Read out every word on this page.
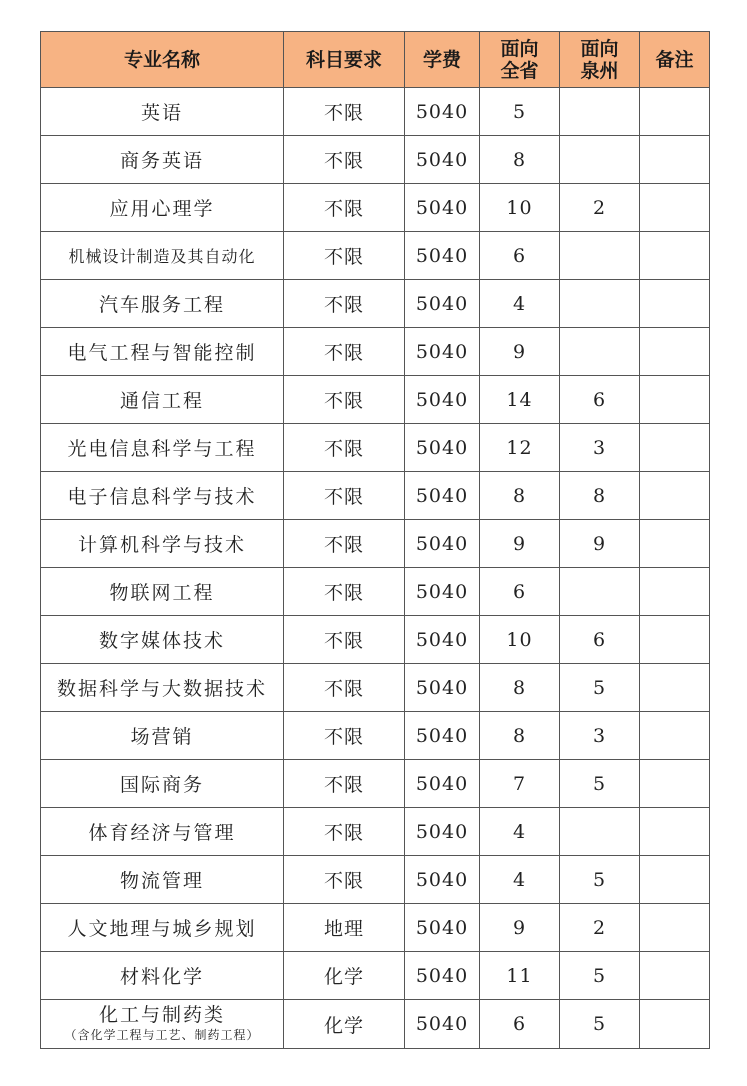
专业名称	科目要求	学费	面向全省	面向泉州	备注
英语	不限	5040	5		
商务英语	不限	5040	8		
应用心理学	不限	5040	10	2	
机械设计制造及其自动化	不限	5040	6		
汽车服务工程	不限	5040	4		
电气工程与智能控制	不限	5040	9		
通信工程	不限	5040	14	6	
光电信息科学与工程	不限	5040	12	3	
电子信息科学与技术	不限	5040	8	8	
计算机科学与技术	不限	5040	9	9	
物联网工程	不限	5040	6		
数字媒体技术	不限	5040	10	6	
数据科学与大数据技术	不限	5040	8	5	
场营销	不限	5040	8	3	
国际商务	不限	5040	7	5	
体育经济与管理	不限	5040	4		
物流管理	不限	5040	4	5	
人文地理与城乡规划	地理	5040	9	2	
材料化学	化学	5040	11	5	

化工与制药类
（含化学工程与工艺、制药工程）	化学	5040	6	5	
